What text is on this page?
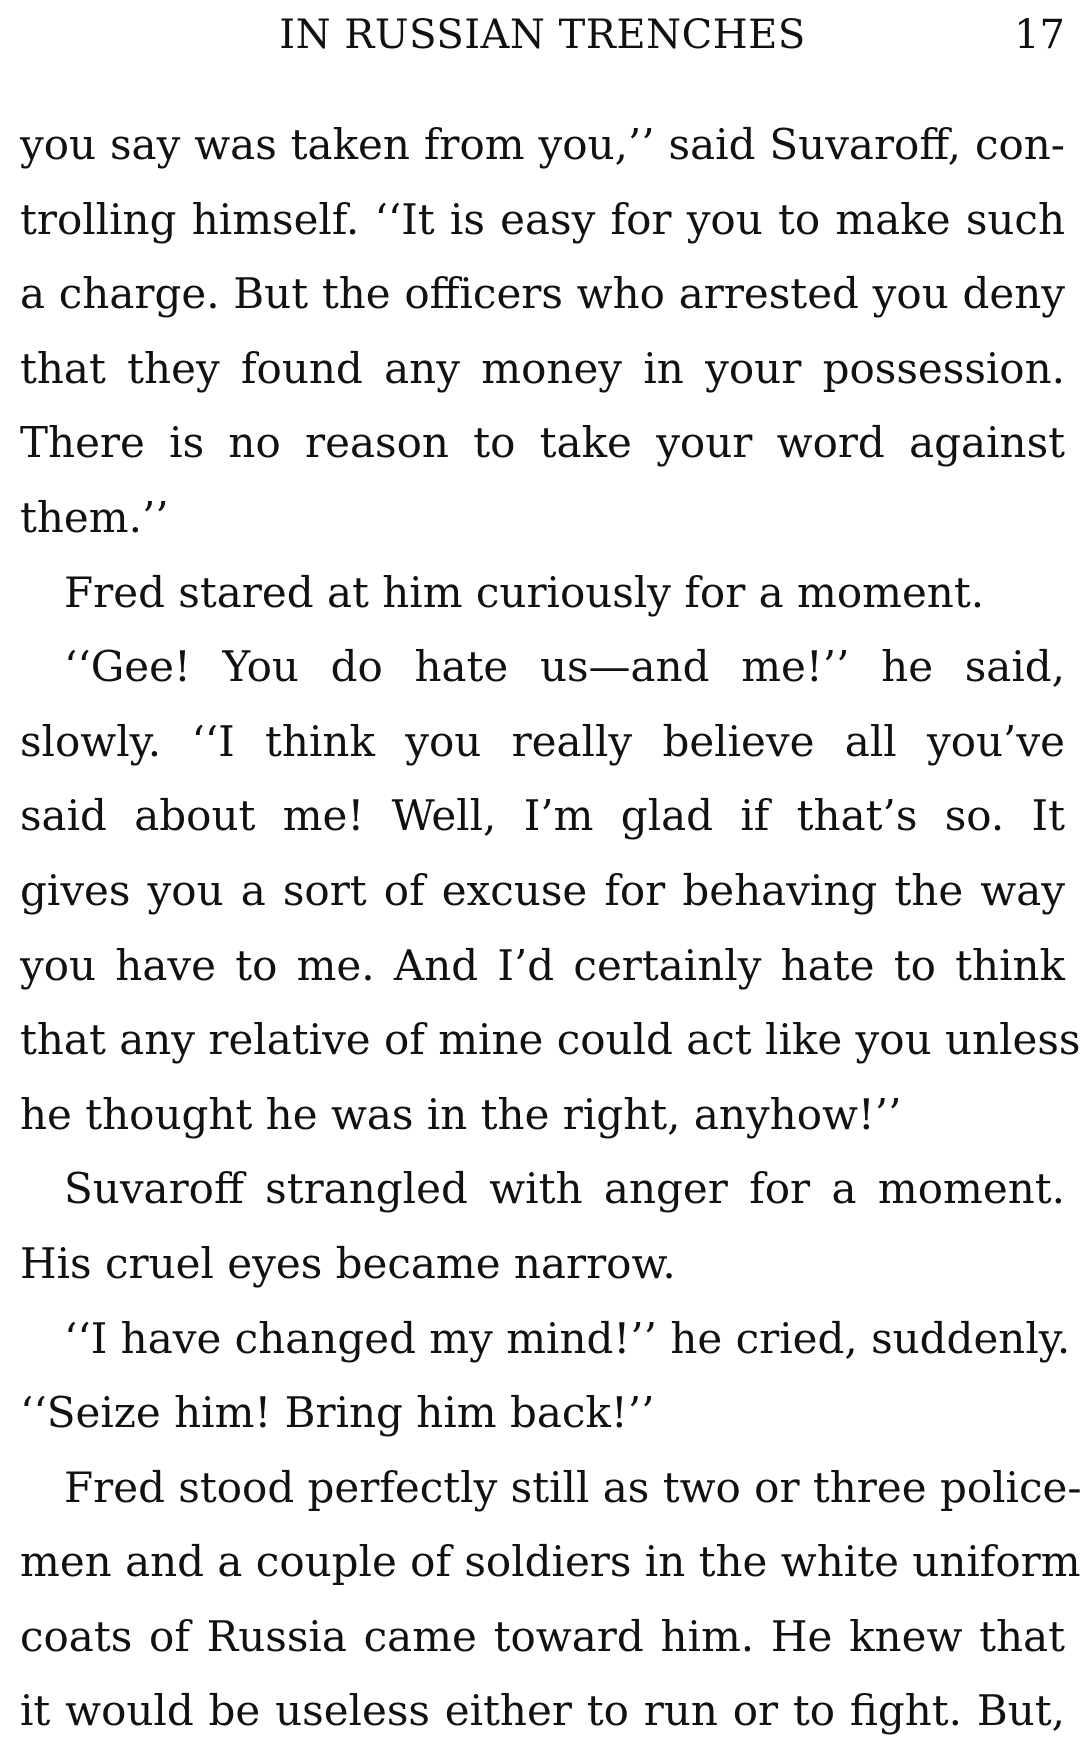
IN RUSSIAN TRENCHES	17
you say was taken from you,’’ said Suvaroff, con-
trolling himself. ‘‘It is easy for you to make such
a charge. But the officers who arrested you deny
that they found any money in your possession.
There is no reason to take your word against
them.’’
Fred stared at him curiously for a moment.
‘‘Gee! You do hate us—and me!’’ he said,
slowly. ‘‘I think you really believe all you’ve
said about me! Well, I’m glad if that’s so. It
gives you a sort of excuse for behaving the way
you have to me. And I’d certainly hate to think
that any relative of mine could act like you unless
he thought he was in the right, anyhow!’’
Suvaroff strangled with anger for a moment.
His cruel eyes became narrow.
‘‘I have changed my mind!’’ he cried, suddenly.
‘‘Seize him! Bring him back!’’
Fred stood perfectly still as two or three police-
men and a couple of soldiers in the white uniform
coats of Russia came toward him. He knew that
it would be useless either to run or to fight. But,
